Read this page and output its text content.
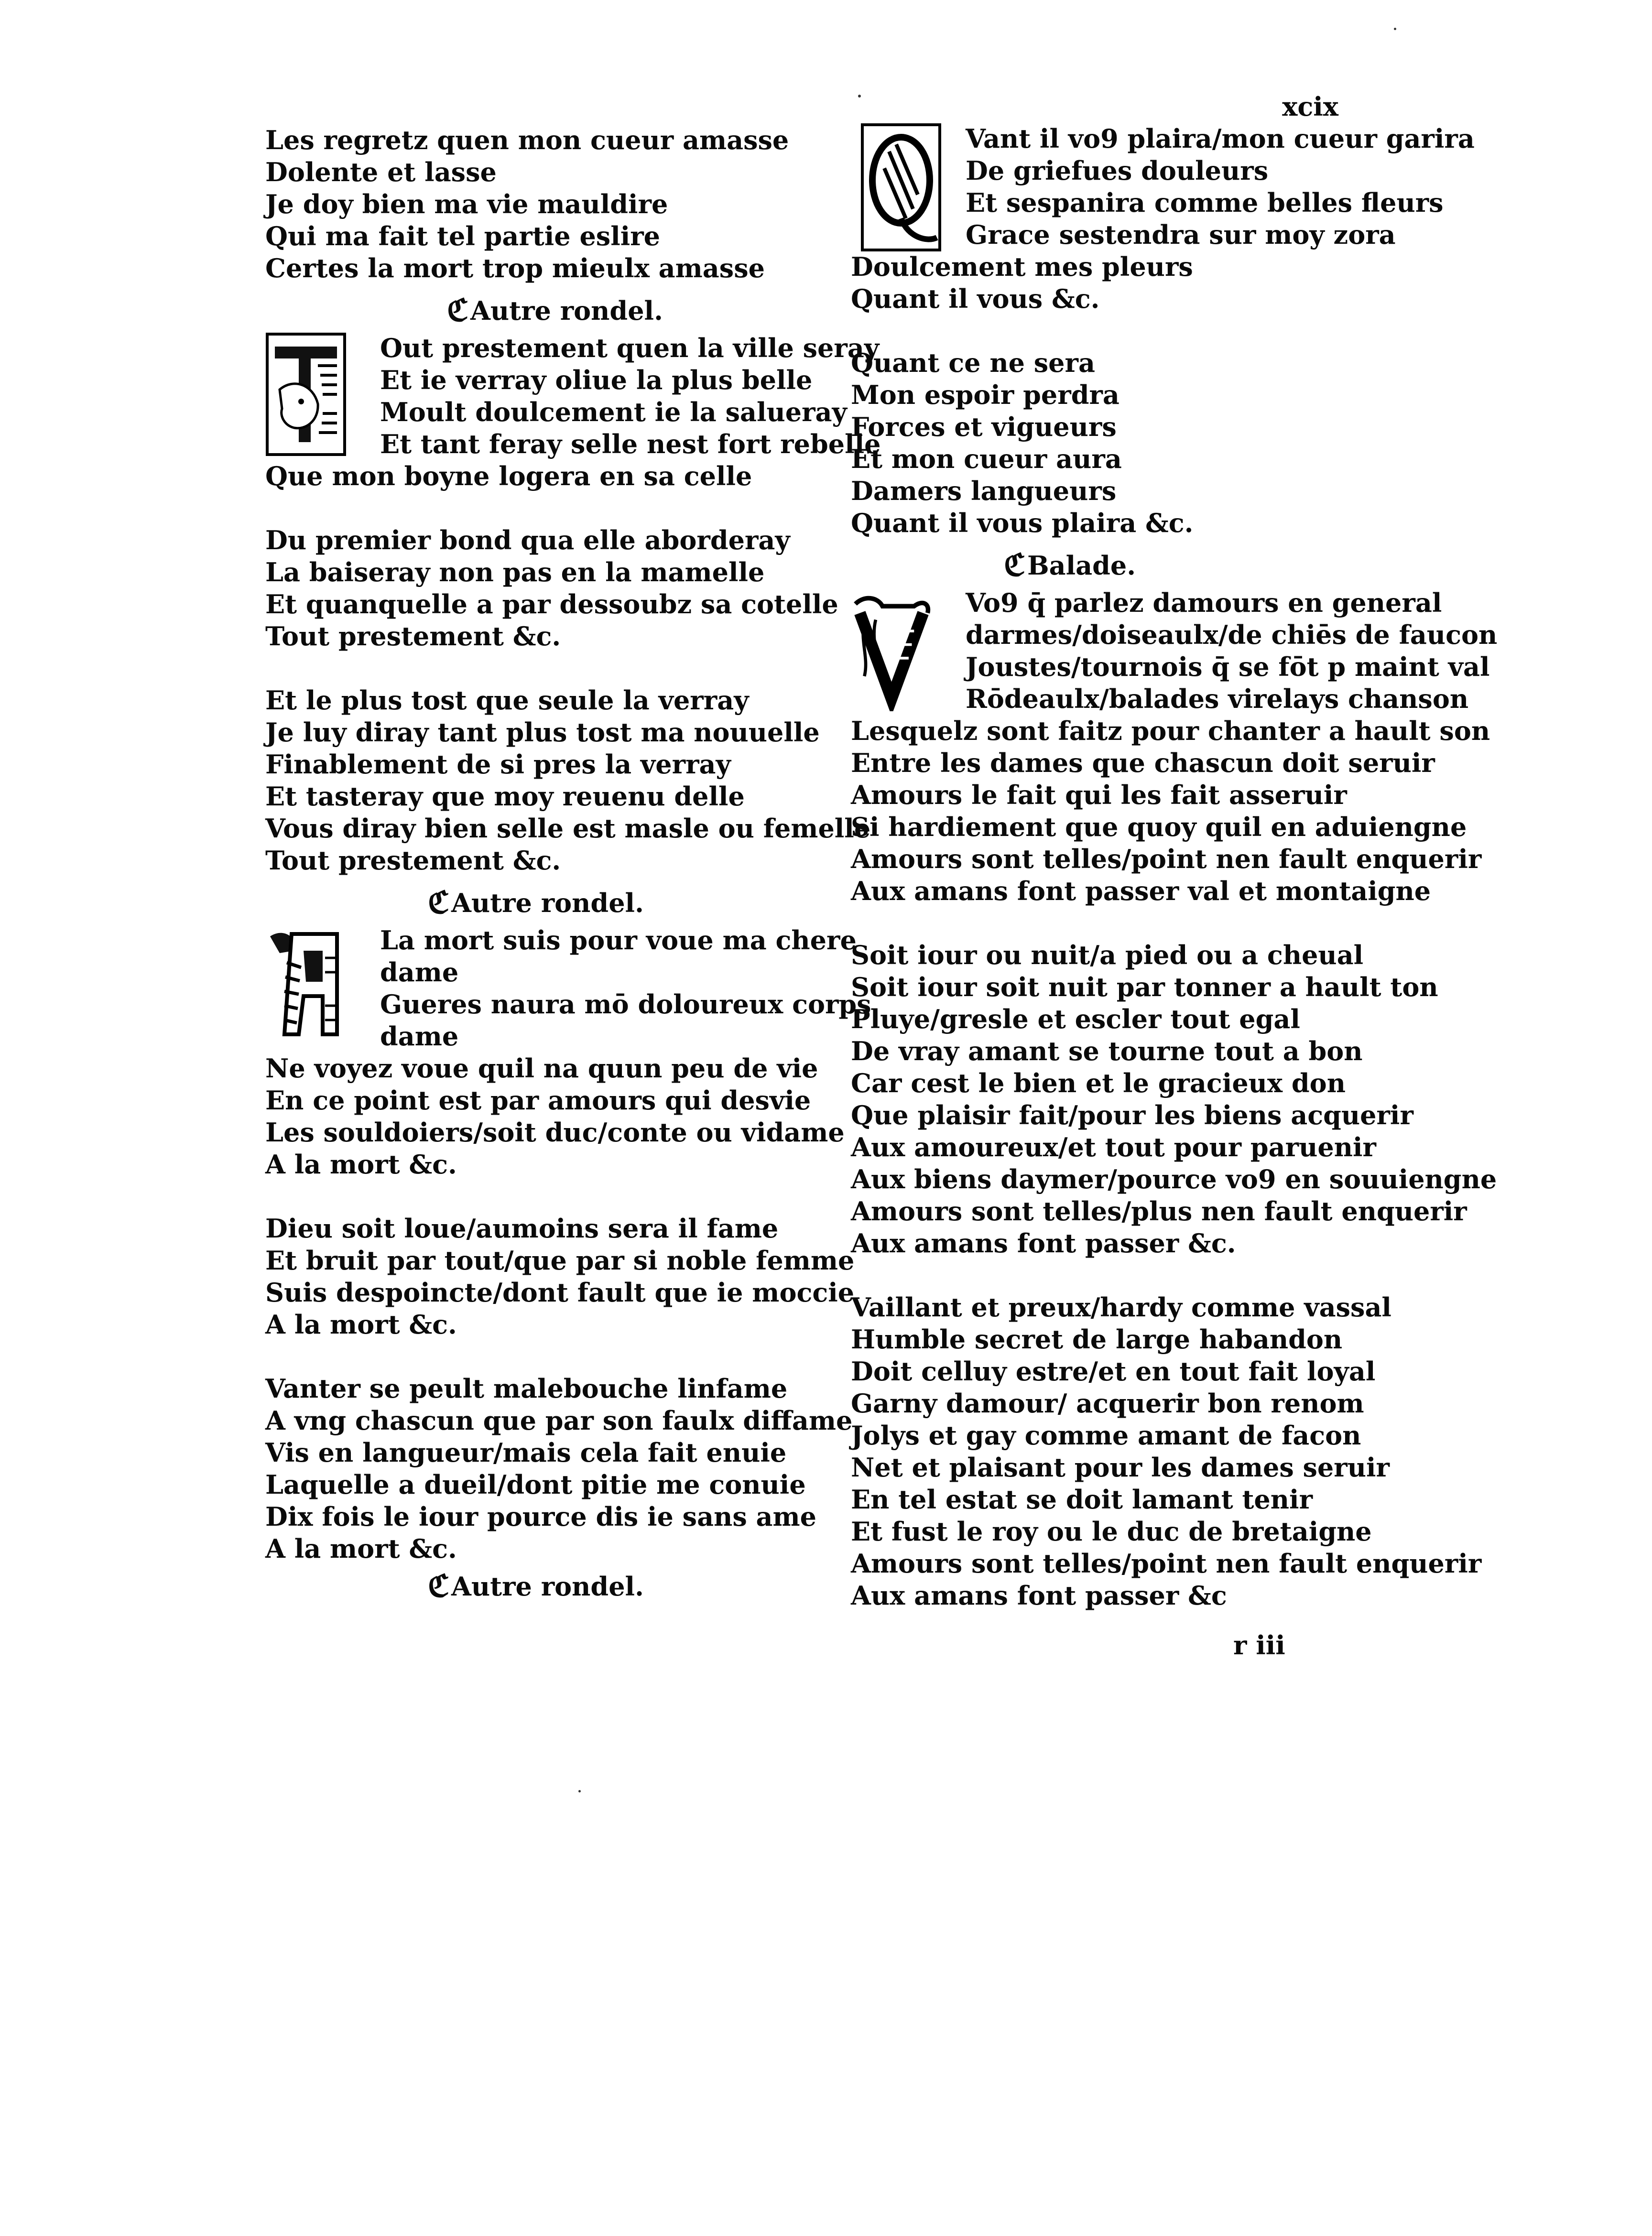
Les regretz quen mon cueur amasse
Dolente et lasse
Je doy bien ma vie mauldire
Qui ma fait tel partie eslire
Certes la mort trop mieulx amasse
ℭAutre rondel.
Out prestement quen la ville seray
Et ie verray oliue la plus belle
Moult doulcement ie la salueray
Et tant feray selle nest fort rebelle
Que mon boyne logera en sa celle
Du premier bond qua elle aborderay
La baiseray non pas en la mamelle
Et quanquelle a par dessoubz sa cotelle
Tout prestement &c.
Et le plus tost que seule la verray
Je luy diray tant plus tost ma nouuelle
Finablement de si pres la verray
Et tasteray que moy reuenu delle
Vous diray bien selle est masle ou femelle
Tout prestement &c.
ℭAutre rondel.
La mort suis pour voue ma chere
dame
Gueres naura mō doloureux corps
dame
Ne voyez voue quil na quun peu de vie
En ce point est par amours qui desvie
Les souldoiers/soit duc/conte ou vidame
A la mort &c.
Dieu soit loue/aumoins sera il fame
Et bruit par tout/que par si noble femme
Suis despoincte/dont fault que ie moccie
A la mort &c.
Vanter se peult malebouche linfame
A vng chascun que par son faulx diffame
Vis en langueur/mais cela fait enuie
Laquelle a dueil/dont pitie me conuie
Dix fois le iour pource dis ie sans ame
A la mort &c.
ℭAutre rondel.
xcix
Vant il vo9 plaira/mon cueur garira
De griefues douleurs
Et sespanira comme belles fleurs
Grace sestendra sur moy zora
Doulcement mes pleurs
Quant il vous &c.
Quant ce ne sera
Mon espoir perdra
Forces et vigueurs
Et mon cueur aura
Damers langueurs
Quant il vous plaira &c.
ℭBalade.
Vo9 q̄ parlez damours en general
darmes/doiseaulx/de chiēs de faucon
Joustes/tournois q̄ se fōt p maint val
Rōdeaulx/balades virelays chanson
Lesquelz sont faitz pour chanter a hault son
Entre les dames que chascun doit seruir
Amours le fait qui les fait asseruir
Si hardiement que quoy quil en aduiengne
Amours sont telles/point nen fault enquerir
Aux amans font passer val et montaigne
Soit iour ou nuit/a pied ou a cheual
Soit iour soit nuit par tonner a hault ton
Pluye/gresle et escler tout egal
De vray amant se tourne tout a bon
Car cest le bien et le gracieux don
Que plaisir fait/pour les biens acquerir
Aux amoureux/et tout pour paruenir
Aux biens daymer/pource vo9 en souuiengne
Amours sont telles/plus nen fault enquerir
Aux amans font passer &c.
Vaillant et preux/hardy comme vassal
Humble secret de large habandon
Doit celluy estre/et en tout fait loyal
Garny damour/ acquerir bon renom
Jolys et gay comme amant de facon
Net et plaisant pour les dames seruir
En tel estat se doit lamant tenir
Et fust le roy ou le duc de bretaigne
Amours sont telles/point nen fault enquerir
Aux amans font passer &c
r iii
